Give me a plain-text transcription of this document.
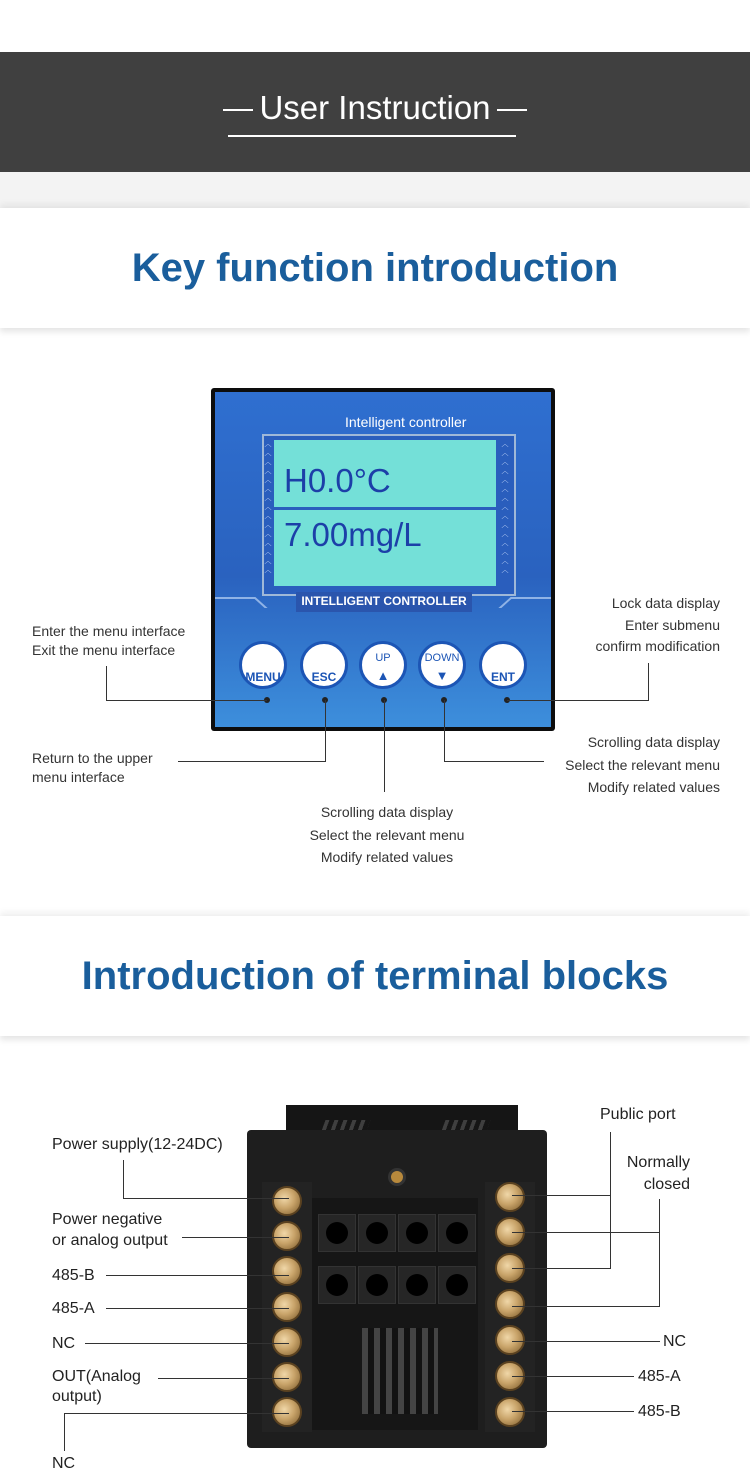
User Instruction
Key function introduction
Intelligent controller
︿
︿
︿
︿
︿
︿
︿
︿
︿
︿
︿
︿
︿
︿
︿
︿
︿
︿
︿
︿
︿
︿
︿
︿
︿
︿
︿
︿
︿
︿
H0.0°C
7.00mg/L
INTELLIGENT CONTROLLER
MENU	ESC
UP
▲
DOWN
▼	ENT
Enter the menu interface
Exit the menu interface
Return to the upper
menu interface
Scrolling data display
Select the relevant menu
Modify related values
Scrolling data display
Select the relevant menu
Modify related values
Lock data display
Enter submenu
confirm modification
Introduction of terminal blocks
Power supply(12-24DC)
Power negative
or analog output
485-B
485-A
NC
OUT(Analog
output)
NC
Public port
Normally
closed
NC
485-A
485-B
